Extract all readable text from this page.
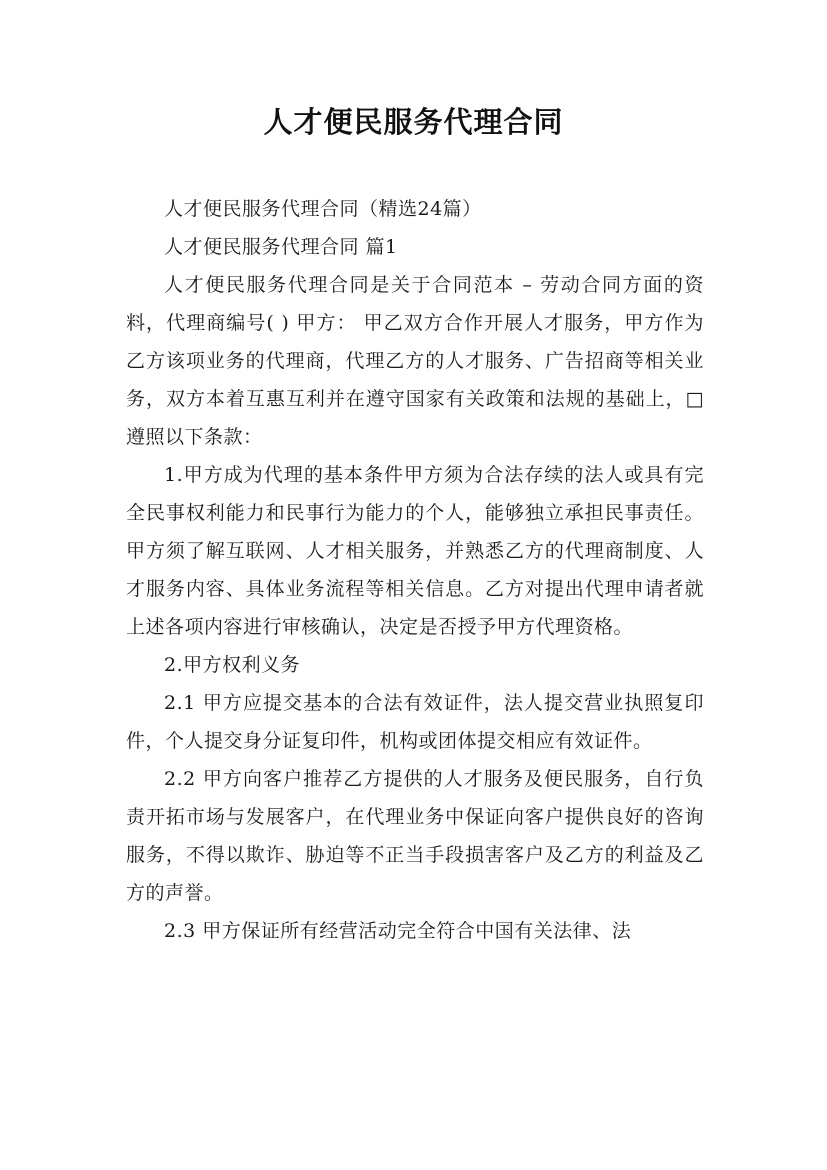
人才便民服务代理合同

人才便民服务代理合同（精选24篇）

人才便民服务代理合同 篇1

人才便民服务代理合同是关于合同范本 – 劳动合同方面的资料，代理商编号( ) 甲方： 甲乙双方合作开展人才服务，甲方作为乙方该项业务的代理商，代理乙方的人才服务、广告招商等相关业务，双方本着互惠互利并在遵守国家有关政策和法规的基础上，□遵照以下条款：

1.甲方成为代理的基本条件甲方须为合法存续的法人或具有完全民事权利能力和民事行为能力的个人，能够独立承担民事责任。甲方须了解互联网、人才相关服务，并熟悉乙方的代理商制度、人才服务内容、具体业务流程等相关信息。乙方对提出代理申请者就上述各项内容进行审核确认，决定是否授予甲方代理资格。

2.甲方权利义务

2.1 甲方应提交基本的合法有效证件，法人提交营业执照复印件，个人提交身分证复印件，机构或团体提交相应有效证件。

2.2 甲方向客户推荐乙方提供的人才服务及便民服务，自行负责开拓市场与发展客户，在代理业务中保证向客户提供良好的咨询服务，不得以欺诈、胁迫等不正当手段损害客户及乙方的利益及乙方的声誉。

2.3 甲方保证所有经营活动完全符合中国有关法律、法
